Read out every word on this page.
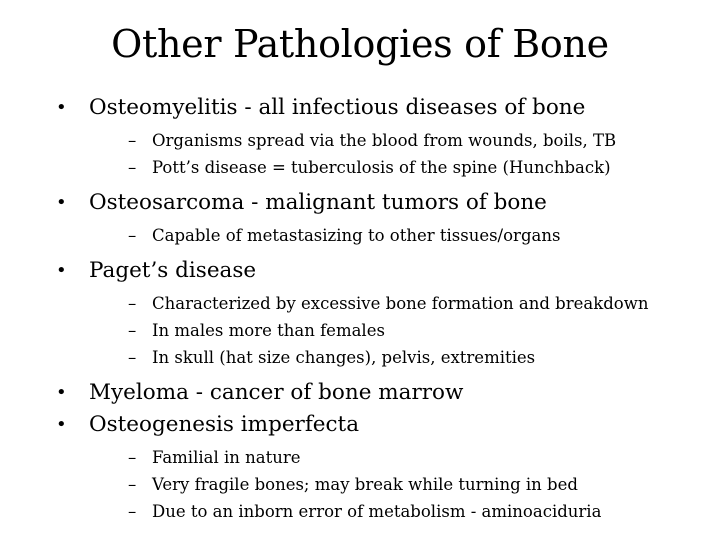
Other Pathologies of Bone
• Osteomyelitis - all infectious diseases of bone
– Organisms spread via the blood from wounds, boils, TB
– Pott’s disease = tuberculosis of the spine (Hunchback)
• Osteosarcoma - malignant tumors of bone
– Capable of metastasizing to other tissues/organs
• Paget’s disease
– Characterized by excessive bone formation and breakdown
– In males more than females
– In skull (hat size changes), pelvis, extremities
• Myeloma - cancer of bone marrow
• Osteogenesis imperfecta
– Familial in nature
– Very fragile bones; may break while turning in bed
– Due to an inborn error of metabolism - aminoaciduria
